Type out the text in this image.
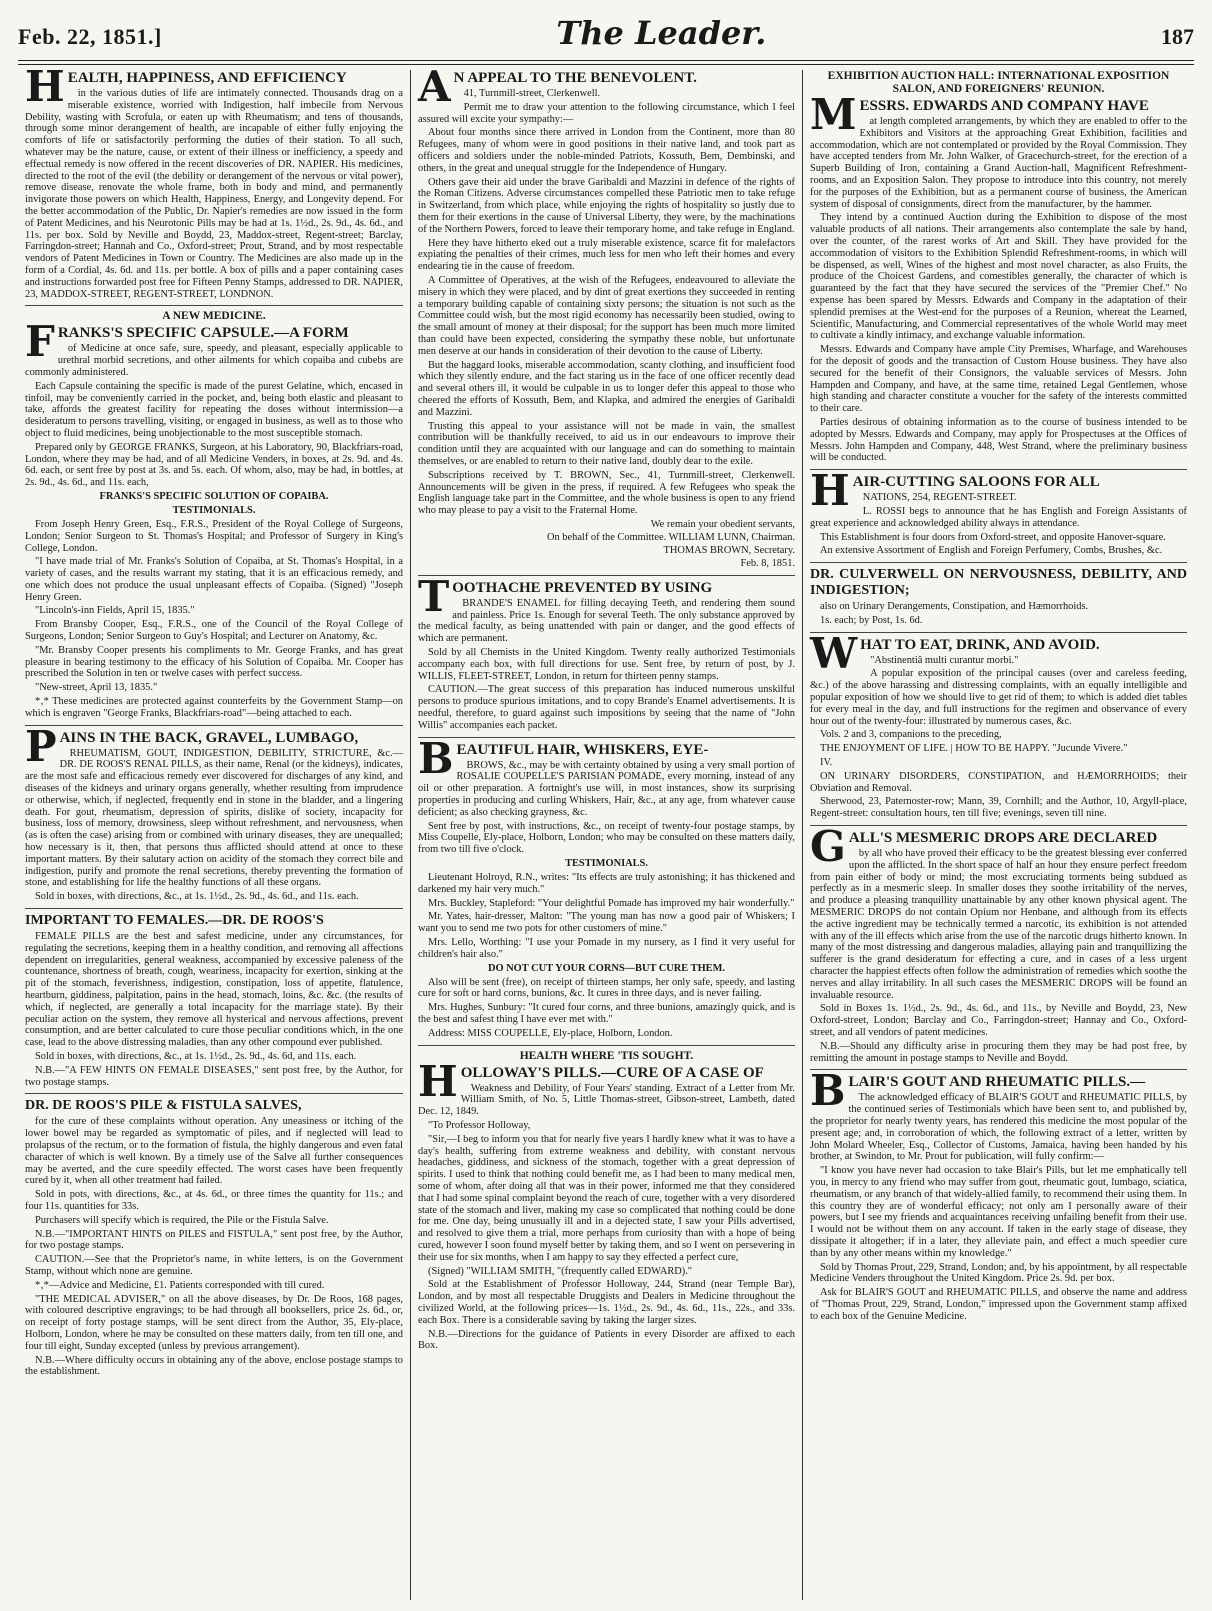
Feb. 22, 1851.]	The Leader.	187
H EALTH, HAPPINESS, AND EFFICIENCY

in the various duties of life are intimately connected. Thousands drag on a miserable existence, worried with Indigestion, half imbecile from Nervous Debility, wasting with Scrofula, or eaten up with Rheumatism; and tens of thousands, through some minor derangement of health, are incapable of either fully enjoying the comforts of life or satisfactorily performing the duties of their station. To all such, whatever may be the nature, cause, or extent of their illness or inefficiency, a speedy and effectual remedy is now offered in the recent discoveries of DR. NAPIER. His medicines, directed to the root of the evil (the debility or derangement of the nervous or vital power), remove disease, renovate the whole frame, both in body and mind, and permanently invigorate those powers on which Health, Happiness, Energy, and Longevity depend. For the better accommodation of the Public, Dr. Napier's remedies are now issued in the form of Patent Medicines, and his Neurotonic Pills may be had at 1s. 1½d., 2s. 9d., 4s. 6d., and 11s. per box. Sold by Neville and Boydd, 23, Maddox-street, Regent-street; Barclay, Farringdon-street; Hannah and Co., Oxford-street; Prout, Strand, and by most respectable vendors of Patent Medicines in Town or Country. The Medicines are also made up in the form of a Cordial, 4s. 6d. and 11s. per bottle. A box of pills and a paper containing cases and instructions forwarded post free for Fifteen Penny Stamps, addressed to DR. NAPIER, 23, MADDOX-STREET, REGENT-STREET, LONDNON.

A NEW MEDICINE.
F RANKS'S SPECIFIC CAPSULE.—A FORM

of Medicine at once safe, sure, speedy, and pleasant, especially applicable to urethral morbid secretions, and other ailments for which copaiba and cubebs are commonly administered.

Each Capsule containing the specific is made of the purest Gelatine, which, encased in tinfoil, may be conveniently carried in the pocket, and, being both elastic and pleasant to take, affords the greatest facility for repeating the doses without intermission—a desideratum to persons travelling, visiting, or engaged in business, as well as to those who object to fluid medicines, being unobjectionable to the most susceptible stomach.

Prepared only by GEORGE FRANKS, Surgeon, at his Laboratory, 90, Blackfriars-road, London, where they may be had, and of all Medicine Venders, in boxes, at 2s. 9d. and 4s. 6d. each, or sent free by post at 3s. and 5s. each. Of whom, also, may be had, in bottles, at 2s. 9d., 4s. 6d., and 11s. each,

FRANKS'S SPECIFIC SOLUTION OF COPAIBA.
TESTIMONIALS.

From Joseph Henry Green, Esq., F.R.S., President of the Royal College of Surgeons, London; Senior Surgeon to St. Thomas's Hospital; and Professor of Surgery in King's College, London.

"I have made trial of Mr. Franks's Solution of Copaiba, at St. Thomas's Hospital, in a variety of cases, and the results warrant my stating, that it is an efficacious remedy, and one which does not produce the usual unpleasant effects of Copaiba. (Signed) "Joseph Henry Green.

"Lincoln's-inn Fields, April 15, 1835."

From Bransby Cooper, Esq., F.R.S., one of the Council of the Royal College of Surgeons, London; Senior Surgeon to Guy's Hospital; and Lecturer on Anatomy, &c.

"Mr. Bransby Cooper presents his compliments to Mr. George Franks, and has great pleasure in bearing testimony to the efficacy of his Solution of Copaiba. Mr. Cooper has prescribed the Solution in ten or twelve cases with perfect success.

"New-street, April 13, 1835."

*‚* These medicines are protected against counterfeits by the Government Stamp—on which is engraven "George Franks, Blackfriars-road"—being attached to each.

P AINS IN THE BACK, GRAVEL, LUMBAGO,

RHEUMATISM, GOUT, INDIGESTION, DEBILITY, STRICTURE, &c.—DR. DE ROOS'S RENAL PILLS, as their name, Renal (or the kidneys), indicates, are the most safe and efficacious remedy ever discovered for discharges of any kind, and diseases of the kidneys and urinary organs generally, whether resulting from imprudence or otherwise, which, if neglected, frequently end in stone in the bladder, and a lingering death. For gout, rheumatism, depression of spirits, dislike of society, incapacity for business, loss of memory, drowsiness, sleep without refreshment, and nervousness, when (as is often the case) arising from or combined with urinary diseases, they are unequalled; how necessary is it, then, that persons thus afflicted should attend at once to these important matters. By their salutary action on acidity of the stomach they correct bile and indigestion, purify and promote the renal secretions, thereby preventing the formation of stone, and establishing for life the healthy functions of all these organs.

Sold in boxes, with directions, &c., at 1s. 1½d., 2s. 9d., 4s. 6d., and 11s. each.

IMPORTANT TO FEMALES.—DR. DE ROOS'S

FEMALE PILLS are the best and safest medicine, under any circumstances, for regulating the secretions, keeping them in a healthy condition, and removing all affections dependent on irregularities, general weakness, accompanied by excessive paleness of the countenance, shortness of breath, cough, weariness, incapacity for exertion, sinking at the pit of the stomach, feverishness, indigestion, constipation, loss of appetite, flatulence, heartburn, giddiness, palpitation, pains in the head, stomach, loins, &c. &c. (the results of which, if neglected, are generally a total incapacity for the marriage state). By their peculiar action on the system, they remove all hysterical and nervous affections, prevent consumption, and are better calculated to cure those peculiar conditions which, in the one case, lead to the above distressing maladies, than any other compound ever published.

Sold in boxes, with directions, &c., at 1s. 1½d., 2s. 9d., 4s. 6d, and 11s. each.

N.B.—"A FEW HINTS ON FEMALE DISEASES," sent post free, by the Author, for two postage stamps.

DR. DE ROOS'S PILE & FISTULA SALVES,

for the cure of these complaints without operation. Any uneasiness or itching of the lower bowel may be regarded as symptomatic of piles, and if neglected will lead to prolapsus of the rectum, or to the formation of fistula, the highly dangerous and even fatal character of which is well known. By a timely use of the Salve all further consequences may be averted, and the cure speedily effected. The worst cases have been frequently cured by it, when all other treatment had failed.

Sold in pots, with directions, &c., at 4s. 6d., or three times the quantity for 11s.; and four 11s. quantities for 33s.

Purchasers will specify which is required, the Pile or the Fistula Salve.

N.B.—"IMPORTANT HINTS on PILES and FISTULA," sent post free, by the Author, for two postage stamps.

CAUTION.—See that the Proprietor's name, in white letters, is on the Government Stamp, without which none are genuine.

*‚*—Advice and Medicine, £1. Patients corresponded with till cured.

"THE MEDICAL ADVISER," on all the above diseases, by Dr. De Roos, 168 pages, with coloured descriptive engravings; to be had through all booksellers, price 2s. 6d., or, on receipt of forty postage stamps, will be sent direct from the Author, 35, Ely-place, Holborn, London, where he may be consulted on these matters daily, from ten till one, and four till eight, Sunday excepted (unless by previous arrangement).

N.B.—Where difficulty occurs in obtaining any of the above, enclose postage stamps to the establishment.

A N APPEAL TO THE BENEVOLENT.

41, Turnmill-street, Clerkenwell.

Permit me to draw your attention to the following circumstance, which I feel assured will excite your sympathy:—

About four months since there arrived in London from the Continent, more than 80 Refugees, many of whom were in good positions in their native land, and took part as officers and soldiers under the noble-minded Patriots, Kossuth, Bem, Dembinski, and others, in the great and unequal struggle for the Independence of Hungary.

Others gave their aid under the brave Garibaldi and Mazzini in defence of the rights of the Roman Citizens. Adverse circumstances compelled these Patriotic men to take refuge in Switzerland, from which place, while enjoying the rights of hospitality so justly due to them for their exertions in the cause of Universal Liberty, they were, by the machinations of the Northern Powers, forced to leave their temporary home, and take refuge in England.

Here they have hitherto eked out a truly miserable existence, scarce fit for malefactors expiating the penalties of their crimes, much less for men who left their homes and every endearing tie in the cause of freedom.

A Committee of Operatives, at the wish of the Refugees, endeavoured to alleviate the misery in which they were placed, and by dint of great exertions they succeeded in renting a temporary building capable of containing sixty persons; the situation is not such as the Committee could wish, but the most rigid economy has necessarily been studied, owing to the small amount of money at their disposal; for the support has been much more limited than could have been expected, considering the sympathy these noble, but unfortunate men deserve at our hands in consideration of their devotion to the cause of Liberty.

But the haggard looks, miserable accommodation, scanty clothing, and insufficient food which they silently endure, and the fact staring us in the face of one officer recently dead and several others ill, it would be culpable in us to longer defer this appeal to those who cheered the efforts of Kossuth, Bem, and Klapka, and admired the energies of Garibaldi and Mazzini.

Trusting this appeal to your assistance will not be made in vain, the smallest contribution will be thankfully received, to aid us in our endeavours to improve their condition until they are acquainted with our language and can do something to maintain themselves, or are enabled to return to their native land, doubly dear to the exile.

Subscriptions received by T. BROWN, Sec., 41, Turnmill-street, Clerkenwell. Announcements will be given in the press, if required. A few Refugees who speak the English language take part in the Committee, and the whole business is open to any friend who may please to pay a visit to the Fraternal Home.

We remain your obedient servants,
On behalf of the Committee. WILLIAM LUNN, Chairman.
THOMAS BROWN, Secretary.
Feb. 8, 1851.
T OOTHACHE PREVENTED BY USING

BRANDE'S ENAMEL for filling decaying Teeth, and rendering them sound and painless. Price 1s. Enough for several Teeth. The only substance approved by the medical faculty, as being unattended with pain or danger, and the good effects of which are permanent.

Sold by all Chemists in the United Kingdom. Twenty really authorized Testimonials accompany each box, with full directions for use. Sent free, by return of post, by J. WILLIS, FLEET-STREET, London, in return for thirteen penny stamps.

CAUTION.—The great success of this preparation has induced numerous unskilful persons to produce spurious imitations, and to copy Brande's Enamel advertisements. It is needful, therefore, to guard against such impositions by seeing that the name of "John Willis" accompanies each packet.

B EAUTIFUL HAIR, WHISKERS, EYE-

BROWS, &c., may be with certainty obtained by using a very small portion of ROSALIE COUPELLE'S PARISIAN POMADE, every morning, instead of any oil or other preparation. A fortnight's use will, in most instances, show its surprising properties in producing and curling Whiskers, Hair, &c., at any age, from whatever cause deficient; as also checking grayness, &c.

Sent free by post, with instructions, &c., on receipt of twenty-four postage stamps, by Miss Coupelle, Ely-place, Holborn, London; who may be consulted on these matters daily, from two till five o'clock.

TESTIMONIALS.

Lieutenant Holroyd, R.N., writes: "Its effects are truly astonishing; it has thickened and darkened my hair very much."

Mrs. Buckley, Stapleford: "Your delightful Pomade has improved my hair wonderfully."

Mr. Yates, hair-dresser, Malton: "The young man has now a good pair of Whiskers; I want you to send me two pots for other customers of mine."

Mrs. Lello, Worthing: "I use your Pomade in my nursery, as I find it very useful for children's hair also."

DO NOT CUT YOUR CORNS—BUT CURE THEM.

Also will be sent (free), on receipt of thirteen stamps, her only safe, speedy, and lasting cure for soft or hard corns, bunions, &c. It cures in three days, and is never failing.

Mrs. Hughes, Sunbury: "It cured four corns, and three bunions, amazingly quick, and is the best and safest thing I have ever met with."

Address: MISS COUPELLE, Ely-place, Holborn, London.

HEALTH WHERE 'TIS SOUGHT.
H OLLOWAY'S PILLS.—CURE OF A CASE OF

Weakness and Debility, of Four Years' standing. Extract of a Letter from Mr. William Smith, of No. 5, Little Thomas-street, Gibson-street, Lambeth, dated Dec. 12, 1849.

"To Professor Holloway,

"Sir,—I beg to inform you that for nearly five years I hardly knew what it was to have a day's health, suffering from extreme weakness and debility, with constant nervous headaches, giddiness, and sickness of the stomach, together with a great depression of spirits. I used to think that nothing could benefit me, as I had been to many medical men, some of whom, after doing all that was in their power, informed me that they considered that I had some spinal complaint beyond the reach of cure, together with a very disordered state of the stomach and liver, making my case so complicated that nothing could be done for me. One day, being unusually ill and in a dejected state, I saw your Pills advertised, and resolved to give them a trial, more perhaps from curiosity than with a hope of being cured, however I soon found myself better by taking them, and so I went on persevering in their use for six months, when I am happy to say they effected a perfect cure,

(Signed) "WILLIAM SMITH, "(frequently called EDWARD)."

Sold at the Establishment of Professor Holloway, 244, Strand (near Temple Bar), London, and by most all respectable Druggists and Dealers in Medicine throughout the civilized World, at the following prices—1s. 1½d., 2s. 9d., 4s. 6d., 11s., 22s., and 33s. each Box. There is a considerable saving by taking the larger sizes.

N.B.—Directions for the guidance of Patients in every Disorder are affixed to each Box.

EXHIBITION AUCTION HALL: INTERNATIONAL EXPOSITION SALON, AND FOREIGNERS' REUNION.
M ESSRS. EDWARDS AND COMPANY HAVE

at length completed arrangements, by which they are enabled to offer to the Exhibitors and Visitors at the approaching Great Exhibition, facilities and accommodation, which are not contemplated or provided by the Royal Commission. They have accepted tenders from Mr. John Walker, of Gracechurch-street, for the erection of a Superb Building of Iron, containing a Grand Auction-hall, Magnificent Refreshment-rooms, and an Exposition Salon. They propose to introduce into this country, not merely for the purposes of the Exhibition, but as a permanent course of business, the American system of disposal of consignments, direct from the manufacturer, by the hammer.

They intend by a continued Auction during the Exhibition to dispose of the most valuable products of all nations. Their arrangements also contemplate the sale by hand, over the counter, of the rarest works of Art and Skill. They have provided for the accommodation of visitors to the Exhibition Splendid Refreshment-rooms, in which will be dispensed, as well, Wines of the highest and most novel character, as also Fruits, the produce of the Choicest Gardens, and comestibles generally, the character of which is guaranteed by the fact that they have secured the services of the "Premier Chef." No expense has been spared by Messrs. Edwards and Company in the adaptation of their splendid premises at the West-end for the purposes of a Reunion, whereat the Learned, Scientific, Manufacturing, and Commercial representatives of the whole World may meet to cultivate a kindly intimacy, and exchange valuable information.

Messrs. Edwards and Company have ample City Premises, Wharfage, and Warehouses for the deposit of goods and the transaction of Custom House business. They have also secured for the benefit of their Consignors, the valuable services of Messrs. John Hampden and Company, and have, at the same time, retained Legal Gentlemen, whose high standing and character constitute a voucher for the safety of the interests committed to their care.

Parties desirous of obtaining information as to the course of business intended to be adopted by Messrs. Edwards and Company, may apply for Prospectuses at the Offices of Messrs. John Hampden and Company, 448, West Strand, where the preliminary business will be conducted.

H AIR-CUTTING SALOONS FOR ALL

NATIONS, 254, REGENT-STREET.

L. ROSSI begs to announce that he has English and Foreign Assistants of great experience and acknowledged ability always in attendance.

This Establishment is four doors from Oxford-street, and opposite Hanover-square.

An extensive Assortment of English and Foreign Perfumery, Combs, Brushes, &c.

DR. CULVERWELL ON NERVOUSNESS, DEBILITY, AND INDIGESTION;

also on Urinary Derangements, Constipation, and Hæmorrhoids.

1s. each; by Post, 1s. 6d.

W HAT TO EAT, DRINK, AND AVOID.

"Abstinentiâ multi curantur morbi."

A popular exposition of the principal causes (over and careless feeding, &c.) of the above harassing and distressing complaints, with an equally intelligible and popular exposition of how we should live to get rid of them; to which is added diet tables for every meal in the day, and full instructions for the regimen and observance of every hour out of the twenty-four: illustrated by numerous cases, &c.

Vols. 2 and 3, companions to the preceding,

THE ENJOYMENT OF LIFE. | HOW TO BE HAPPY. "Jucunde Vivere."

IV.

ON URINARY DISORDERS, CONSTIPATION, and HÆMORRHOIDS; their Obviation and Removal.

Sherwood, 23, Paternoster-row; Mann, 39, Cornhill; and the Author, 10, Argyll-place, Regent-street: consultation hours, ten till five; evenings, seven till nine.

G ALL'S MESMERIC DROPS ARE DECLARED

by all who have proved their efficacy to be the greatest blessing ever conferred upon the afflicted. In the short space of half an hour they ensure perfect freedom from pain either of body or mind; the most excruciating torments being subdued as perfectly as in a mesmeric sleep. In smaller doses they soothe irritability of the nerves, and produce a pleasing tranquillity unattainable by any other known physical agent. The MESMERIC DROPS do not contain Opium nor Henbane, and although from its effects the active ingredient may be technically termed a narcotic, its exhibition is not attended with any of the ill effects which arise from the use of the narcotic drugs hitherto known. In many of the most distressing and dangerous maladies, allaying pain and tranquillizing the sufferer is the grand desideratum for effecting a cure, and in cases of a less urgent character the happiest effects often follow the administration of remedies which soothe the nerves and allay irritability. In all such cases the MESMERIC DROPS will be found an invaluable resource.

Sold in Boxes 1s. 1½d., 2s. 9d., 4s. 6d., and 11s., by Neville and Boydd, 23, New Oxford-street, London; Barclay and Co., Farringdon-street; Hannay and Co., Oxford-street, and all vendors of patent medicines.

N.B.—Should any difficulty arise in procuring them they may be had post free, by remitting the amount in postage stamps to Neville and Boydd.

B LAIR'S GOUT AND RHEUMATIC PILLS.—

The acknowledged efficacy of BLAIR'S GOUT and RHEUMATIC PILLS, by the continued series of Testimonials which have been sent to, and published by, the proprietor for nearly twenty years, has rendered this medicine the most popular of the present age; and, in corroboration of which, the following extract of a letter, written by John Molard Wheeler, Esq., Collector of Customs, Jamaica, having been handed by his brother, at Swindon, to Mr. Prout for publication, will fully confirm:—

"I know you have never had occasion to take Blair's Pills, but let me emphatically tell you, in mercy to any friend who may suffer from gout, rheumatic gout, lumbago, sciatica, rheumatism, or any branch of that widely-allied family, to recommend their using them. In this country they are of wonderful efficacy; not only am I personally aware of their powers, but I see my friends and acquaintances receiving unfailing benefit from their use. I would not be without them on any account. If taken in the early stage of disease, they dissipate it altogether; if in a later, they alleviate pain, and effect a much speedier cure than by any other means within my knowledge."

Sold by Thomas Prout, 229, Strand, London; and, by his appointment, by all respectable Medicine Venders throughout the United Kingdom. Price 2s. 9d. per box.

Ask for BLAIR'S GOUT and RHEUMATIC PILLS, and observe the name and address of "Thomas Prout, 229, Strand, London," impressed upon the Government stamp affixed to each box of the Genuine Medicine.
